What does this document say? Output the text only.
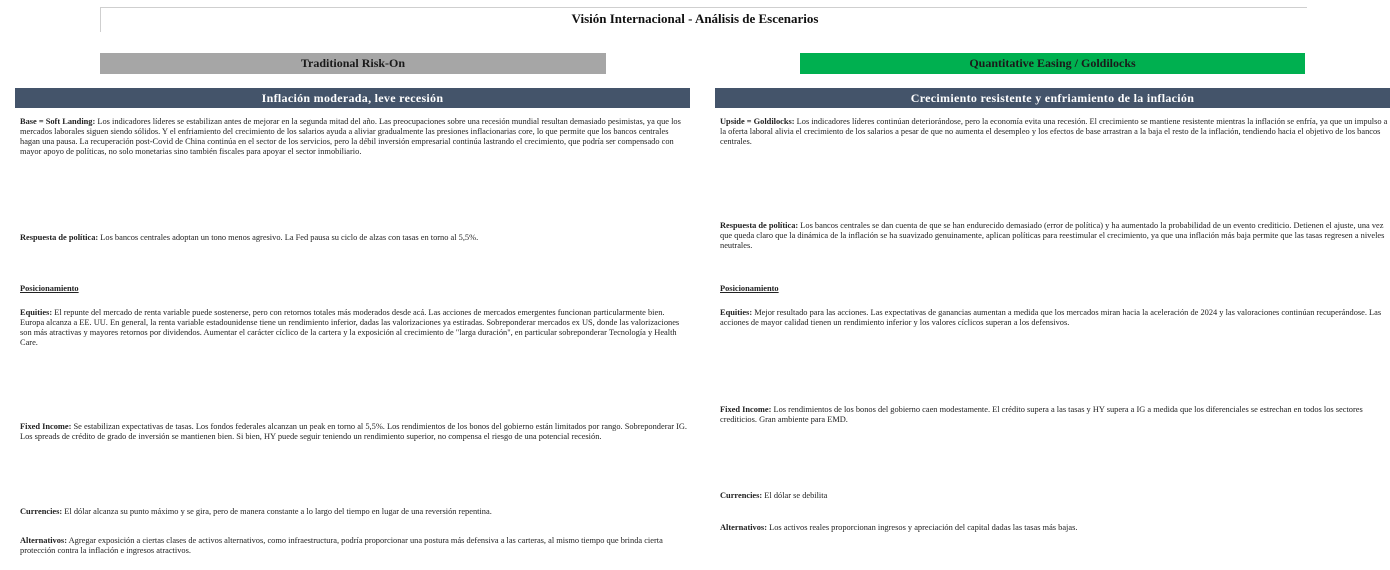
Visión Internacional - Análisis de Escenarios
Traditional Risk-On	Quantitative Easing / Goldilocks
Inflación moderada, leve recesión	Crecimiento resistente y enfriamiento de la inflación
Base = Soft Landing: Los indicadores líderes se estabilizan antes de mejorar en la segunda mitad del año. Las preocupaciones sobre una recesión mundial resultan demasiado pesimistas, ya que los mercados laborales siguen siendo sólidos. Y el enfriamiento del crecimiento de los salarios ayuda a aliviar gradualmente las presiones inflacionarias core, lo que permite que los bancos centrales hagan una pausa. La recuperación post-Covid de China continúa en el sector de los servicios, pero la débil inversión empresarial continúa lastrando el crecimiento, que podría ser compensado con mayor apoyo de políticas, no solo monetarias sino también fiscales para apoyar el sector inmobiliario.
Respuesta de política: Los bancos centrales adoptan un tono menos agresivo. La Fed pausa su ciclo de alzas con tasas en torno al 5,5%.
Posicionamiento
Equities: El repunte del mercado de renta variable puede sostenerse, pero con retornos totales más moderados desde acá. Las acciones de mercados emergentes funcionan particularmente bien. Europa alcanza a EE. UU. En general, la renta variable estadounidense tiene un rendimiento inferior, dadas las valorizaciones ya estiradas. Sobreponderar mercados ex US, donde las valorizaciones son más atractivas y mayores retornos por dividendos. Aumentar el carácter cíclico de la cartera y la exposición al crecimiento de "larga duración", en particular sobreponderar Tecnología y Health Care.
Fixed Income: Se estabilizan expectativas de tasas. Los fondos federales alcanzan un peak en torno al 5,5%. Los rendimientos de los bonos del gobierno están limitados por rango. Sobreponderar IG. Los spreads de crédito de grado de inversión se mantienen bien. Si bien, HY puede seguir teniendo un rendimiento superior, no compensa el riesgo de una potencial recesión.
Currencies: El dólar alcanza su punto máximo y se gira, pero de manera constante a lo largo del tiempo en lugar de una reversión repentina.
Alternativos: Agregar exposición a ciertas clases de activos alternativos, como infraestructura, podría proporcionar una postura más defensiva a las carteras, al mismo tiempo que brinda cierta protección contra la inflación e ingresos atractivos.
Upside = Goldilocks: Los indicadores líderes continúan deteriorándose, pero la economía evita una recesión. El crecimiento se mantiene resistente mientras la inflación se enfría, ya que un impulso a la oferta laboral alivia el crecimiento de los salarios a pesar de que no aumenta el desempleo y los efectos de base arrastran a la baja el resto de la inflación, tendiendo hacia el objetivo de los bancos centrales.
Respuesta de política: Los bancos centrales se dan cuenta de que se han endurecido demasiado (error de política) y ha aumentado la probabilidad de un evento crediticio. Detienen el ajuste, una vez que queda claro que la dinámica de la inflación se ha suavizado genuinamente, aplican políticas para reestimular el crecimiento, ya que una inflación más baja permite que las tasas regresen a niveles neutrales.
Posicionamiento
Equities: Mejor resultado para las acciones. Las expectativas de ganancias aumentan a medida que los mercados miran hacia la aceleración de 2024 y las valoraciones continúan recuperándose. Las acciones de mayor calidad tienen un rendimiento inferior y los valores cíclicos superan a los defensivos.
Fixed Income: Los rendimientos de los bonos del gobierno caen modestamente. El crédito supera a las tasas y HY supera a IG a medida que los diferenciales se estrechan en todos los sectores crediticios. Gran ambiente para EMD.
Currencies: El dólar se debilita
Alternativos: Los activos reales proporcionan ingresos y apreciación del capital dadas las tasas más bajas.
